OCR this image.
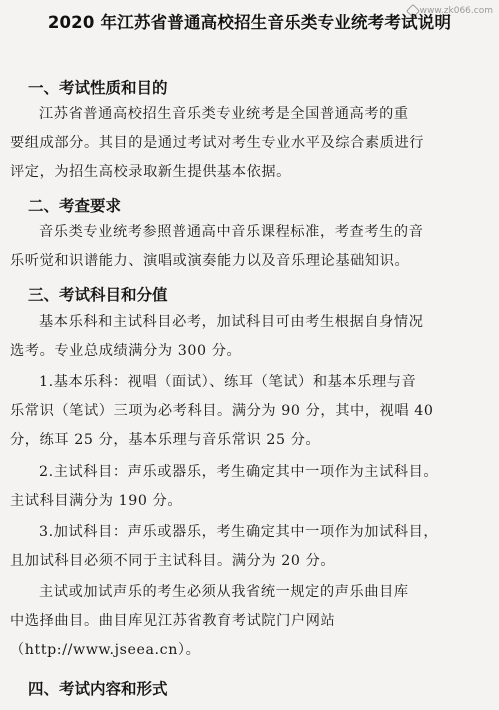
www.zk066.com
2020 年江苏省普通高校招生音乐类专业统考考试说明
一、考试性质和目的
江苏省普通高校招生音乐类专业统考是全国普通高考的重
要组成部分。其目的是通过考试对考生专业水平及综合素质进行
评定，为招生高校录取新生提供基本依据。
二、考查要求
音乐类专业统考参照普通高中音乐课程标准，考查考生的音
乐听觉和识谱能力、演唱或演奏能力以及音乐理论基础知识。
三、考试科目和分值
基本乐科和主试科目必考，加试科目可由考生根据自身情况
选考。专业总成绩满分为 300 分。
1.基本乐科：视唱（面试）、练耳（笔试）和基本乐理与音
乐常识（笔试）三项为必考科目。满分为 90 分，其中，视唱 40
分，练耳 25 分，基本乐理与音乐常识 25 分。
2.主试科目：声乐或器乐，考生确定其中一项作为主试科目。
主试科目满分为 190 分。
3.加试科目：声乐或器乐，考生确定其中一项作为加试科目，
且加试科目必须不同于主试科目。满分为 20 分。
主试或加试声乐的考生必须从我省统一规定的声乐曲目库
中选择曲目。曲目库见江苏省教育考试院门户网站
（http://www.jseea.cn）。
四、考试内容和形式
